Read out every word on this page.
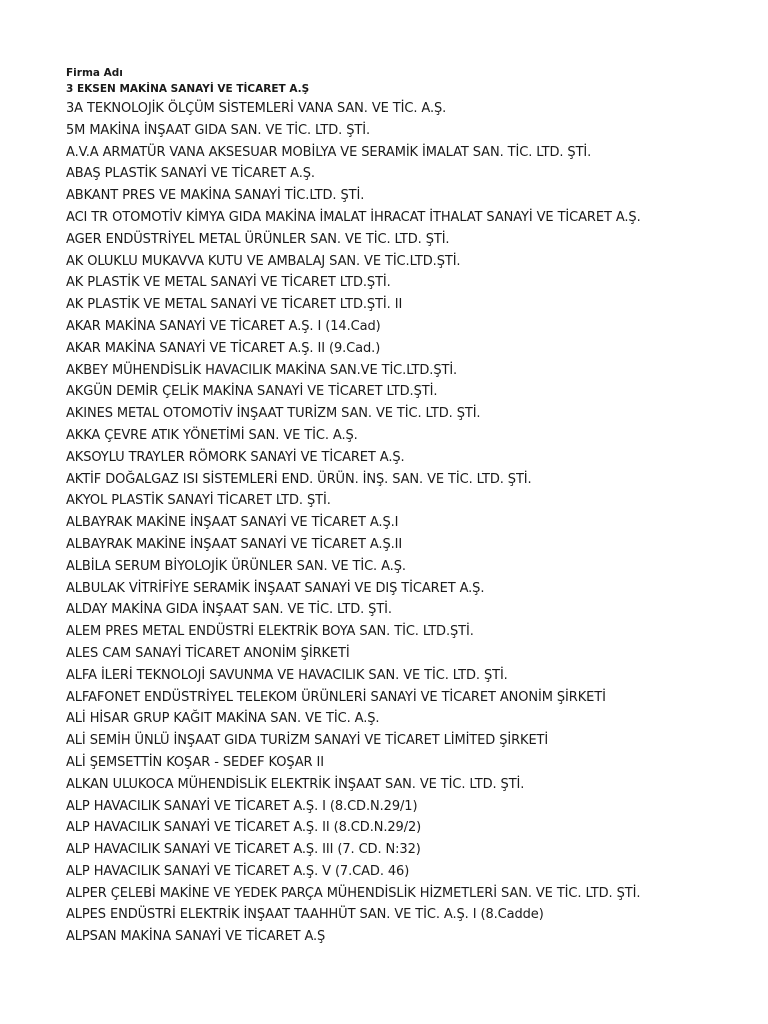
Firma Adı
3 EKSEN MAKİNA SANAYİ VE TİCARET A.Ş
3A TEKNOLOJİK ÖLÇÜM SİSTEMLERİ VANA SAN. VE TİC. A.Ş.
5M MAKİNA İNŞAAT GIDA SAN. VE TİC. LTD. ŞTİ.
A.V.A ARMATÜR VANA AKSESUAR MOBİLYA VE SERAMİK İMALAT SAN. TİC. LTD. ŞTİ.
ABAŞ PLASTİK SANAYİ VE TİCARET A.Ş.
ABKANT PRES VE MAKİNA SANAYİ TİC.LTD. ŞTİ.
ACI TR OTOMOTİV KİMYA GIDA MAKİNA İMALAT İHRACAT İTHALAT SANAYİ VE TİCARET A.Ş.
AGER ENDÜSTRİYEL METAL ÜRÜNLER SAN. VE TİC. LTD. ŞTİ.
AK OLUKLU MUKAVVA KUTU VE AMBALAJ SAN. VE TİC.LTD.ŞTİ.
AK PLASTİK VE METAL SANAYİ VE TİCARET LTD.ŞTİ.
AK PLASTİK VE METAL SANAYİ VE TİCARET LTD.ŞTİ. II
AKAR MAKİNA SANAYİ VE TİCARET A.Ş. I (14.Cad)
AKAR MAKİNA SANAYİ VE TİCARET A.Ş. II (9.Cad.)
AKBEY MÜHENDİSLİK HAVACILIK MAKİNA SAN.VE TİC.LTD.ŞTİ.
AKGÜN DEMİR ÇELİK MAKİNA SANAYİ VE TİCARET LTD.ŞTİ.
AKINES METAL OTOMOTİV İNŞAAT TURİZM SAN. VE TİC. LTD. ŞTİ.
AKKA ÇEVRE ATIK YÖNETİMİ SAN. VE TİC. A.Ş.
AKSOYLU TRAYLER RÖMORK SANAYİ VE TİCARET A.Ş.
AKTİF DOĞALGAZ ISI SİSTEMLERİ END. ÜRÜN. İNŞ. SAN. VE TİC. LTD. ŞTİ.
AKYOL PLASTİK SANAYİ TİCARET LTD. ŞTİ.
ALBAYRAK MAKİNE İNŞAAT SANAYİ VE TİCARET A.Ş.I
ALBAYRAK MAKİNE İNŞAAT SANAYİ VE TİCARET A.Ş.II
ALBİLA SERUM BİYOLOJİK ÜRÜNLER SAN. VE TİC. A.Ş.
ALBULAK VİTRİFİYE SERAMİK İNŞAAT SANAYİ VE DIŞ TİCARET A.Ş.
ALDAY MAKİNA GIDA İNŞAAT SAN. VE TİC. LTD. ŞTİ.
ALEM PRES METAL ENDÜSTRİ ELEKTRİK BOYA SAN. TİC. LTD.ŞTİ.
ALES CAM SANAYİ TİCARET ANONİM ŞİRKETİ
ALFA İLERİ TEKNOLOJİ SAVUNMA VE HAVACILIK SAN. VE TİC. LTD. ŞTİ.
ALFAFONET ENDÜSTRİYEL TELEKOM ÜRÜNLERİ SANAYİ VE TİCARET ANONİM ŞİRKETİ
ALİ HİSAR GRUP KAĞIT MAKİNA SAN. VE TİC. A.Ş.
ALİ SEMİH ÜNLÜ İNŞAAT GIDA TURİZM SANAYİ VE TİCARET LİMİTED ŞİRKETİ
ALİ ŞEMSETTİN KOŞAR - SEDEF KOŞAR II
ALKAN ULUKOCA MÜHENDİSLİK ELEKTRİK İNŞAAT SAN. VE TİC. LTD. ŞTİ.
ALP HAVACILIK SANAYİ VE TİCARET A.Ş. I (8.CD.N.29/1)
ALP HAVACILIK SANAYİ VE TİCARET A.Ş. II (8.CD.N.29/2)
ALP HAVACILIK SANAYİ VE TİCARET A.Ş. III (7. CD. N:32)
ALP HAVACILIK SANAYİ VE TİCARET A.Ş. V (7.CAD. 46)
ALPER ÇELEBİ MAKİNE VE YEDEK PARÇA MÜHENDİSLİK HİZMETLERİ SAN. VE TİC. LTD. ŞTİ.
ALPES ENDÜSTRİ ELEKTRİK İNŞAAT TAAHHÜT SAN. VE TİC. A.Ş. I (8.Cadde)
ALPSAN MAKİNA SANAYİ VE TİCARET A.Ş
